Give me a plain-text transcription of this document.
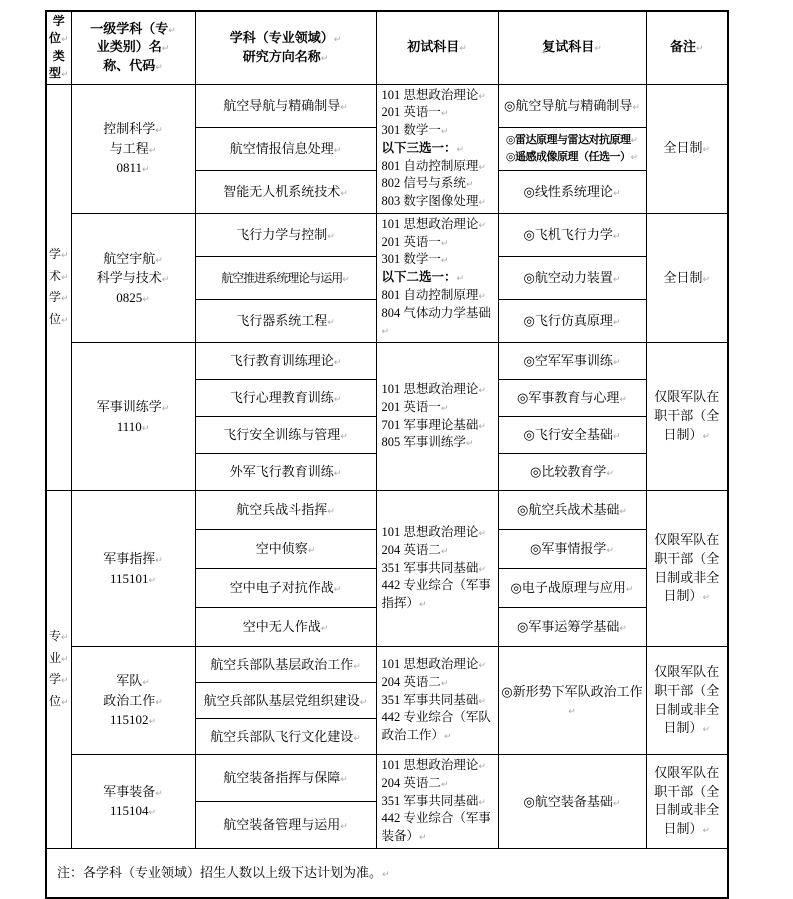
学位↵
类型↵	一级学科（专↵
业类别）名↵
称、代码↵	学科（专业领域）↵
研究方向名称↵	初试科目↵	复试科目↵	备注↵
学↵
术↵
学↵
位↵	控制科学↵
与工程↵
0811↵	航空导航与精确制导↵	
101 思想政治理论↵
201 英语一↵
301 数学一↵
以下三选一：↵
801 自动控制原理↵
802 信号与系统↵
803 数字图像处理↵
	◎航空导航与精确制导↵	全日制↵
		航空情报信息处理↵		◎雷达原理与雷达对抗原理↵
◎遥感成像原理（任选一）↵	
		智能无人机系统技术↵		◎线性系统理论↵	
航空宇航↵
科学与技术↵
0825↵	飞行力学与控制↵	
101 思想政治理论↵
201 英语一↵
301 数学一↵
以下二选一：↵
801 自动控制原理↵
804 气体动力学基础↵
	◎飞机飞行力学↵	全日制↵
		航空推进系统理论与运用↵		◎航空动力装置↵	
		飞行器系统工程↵		◎飞行仿真原理↵	
	军事训练学↵
1110↵	飞行教育训练理论↵	101 思想政治理论↵
201 英语一↵
701 军事理论基础↵
805 军事训练学↵	◎空军军事训练↵	仅限军队在职干部（全日制）↵
		飞行心理教育训练↵		◎军事教育与心理↵	
		飞行安全训练与管理↵		◎飞行安全基础↵	
		外军飞行教育训练↵		◎比较教育学↵	
专↵
业↵
学↵
位↵	军事指挥↵
115101↵	航空兵战斗指挥↵	101 思想政治理论↵
204 英语二↵
351 军事共同基础↵
442 专业综合（军事指挥）↵	◎航空兵战术基础↵	仅限军队在职干部（全日制或非全日制）↵
		空中侦察↵		◎军事情报学↵	
		空中电子对抗作战↵		◎电子战原理与应用↵	
		空中无人作战↵		◎军事运筹学基础↵	
	军队↵
政治工作↵
115102↵	航空兵部队基层政治工作↵	101 思想政治理论↵
204 英语二↵
351 军事共同基础↵
442 专业综合（军队政治工作）↵	◎新形势下军队政治工作↵	仅限军队在职干部（全日制或非全日制）↵
		航空兵部队基层党组织建设↵			
		航空兵部队飞行文化建设↵			
	军事装备↵
115104↵	航空装备指挥与保障↵	101 思想政治理论↵
204 英语二↵
351 军事共同基础↵
442 专业综合（军事装备）↵	◎航空装备基础↵	仅限军队在职干部（全日制或非全日制）↵
		航空装备管理与运用↵			
注：各学科（专业领域）招生人数以上级下达计划为准。↵					
